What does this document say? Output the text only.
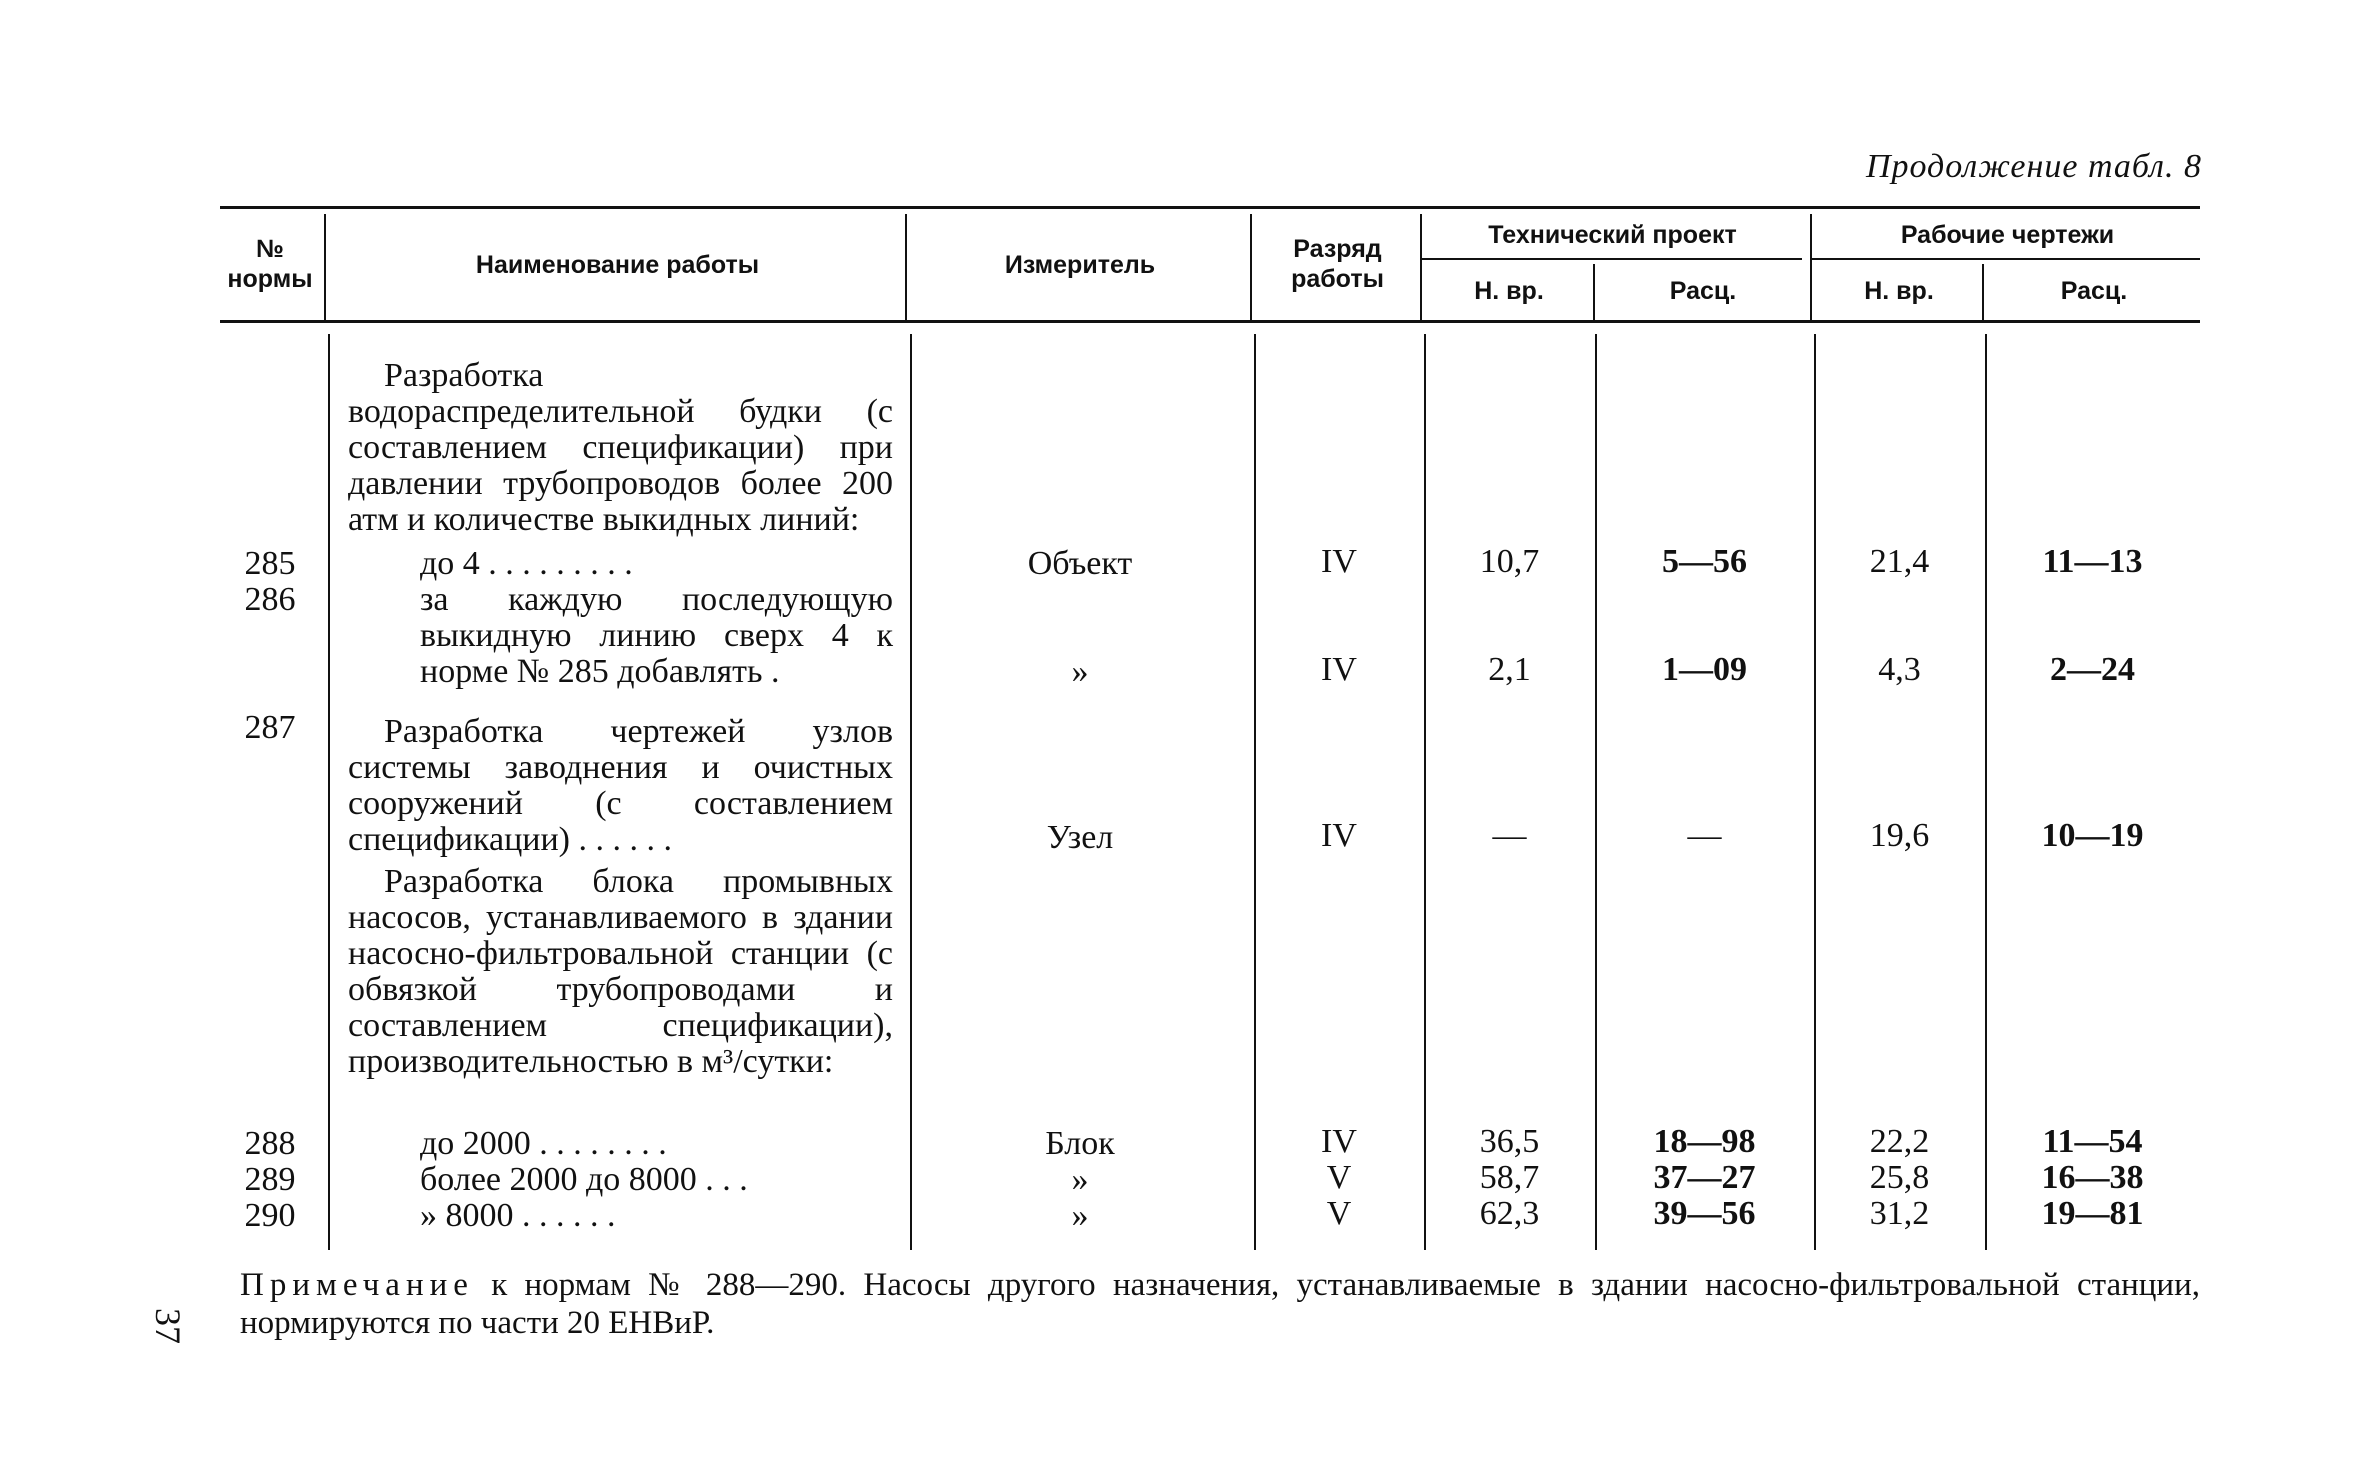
Продолжение табл. 8
№ нормы	Наименование работы	Измеритель
Разряд работы
Технический проект	Рабочие чертежи
Н. вр.	Расц.	Н. вр.	Расц.
Разработка водораспределительной будки (с составлением спецификации) при давлении трубопроводов более 200 атм и количестве выкидных линий:
285	до 4 . . . . . . . . .	Объект	IV	10,7	5—56	21,4	11—13
286	за каждую последующую выкидную линию сверх 4 к норме № 285 добавлять .	»	IV	2,1	1—09	4,3	2—24
287	Разработка чертежей узлов системы заводнения и очистных сооружений (с составлением спецификации) . . . . . .	Узел	IV	—	—	19,6	10—19
Разработка блока промывных насосов, устанавливаемого в здании насосно-фильтровальной станции (с обвязкой трубопроводами и составлением спецификации), производительностью в м³/сутки:
288	до 2000 . . . . . . . .	Блок	IV	36,5	18—98	22,2	11—54
289	более 2000 до 8000 . . .	»	V	58,7	37—27	25,8	16—38
290	» 8000 . . . . . .	»	V	62,3	39—56	31,2	19—81
Примечание к нормам № 288—290. Насосы другого назначения, устанавливаемые в здании насосно-фильтровальной станции, нормируются по части 20 ЕНВиР.
37
